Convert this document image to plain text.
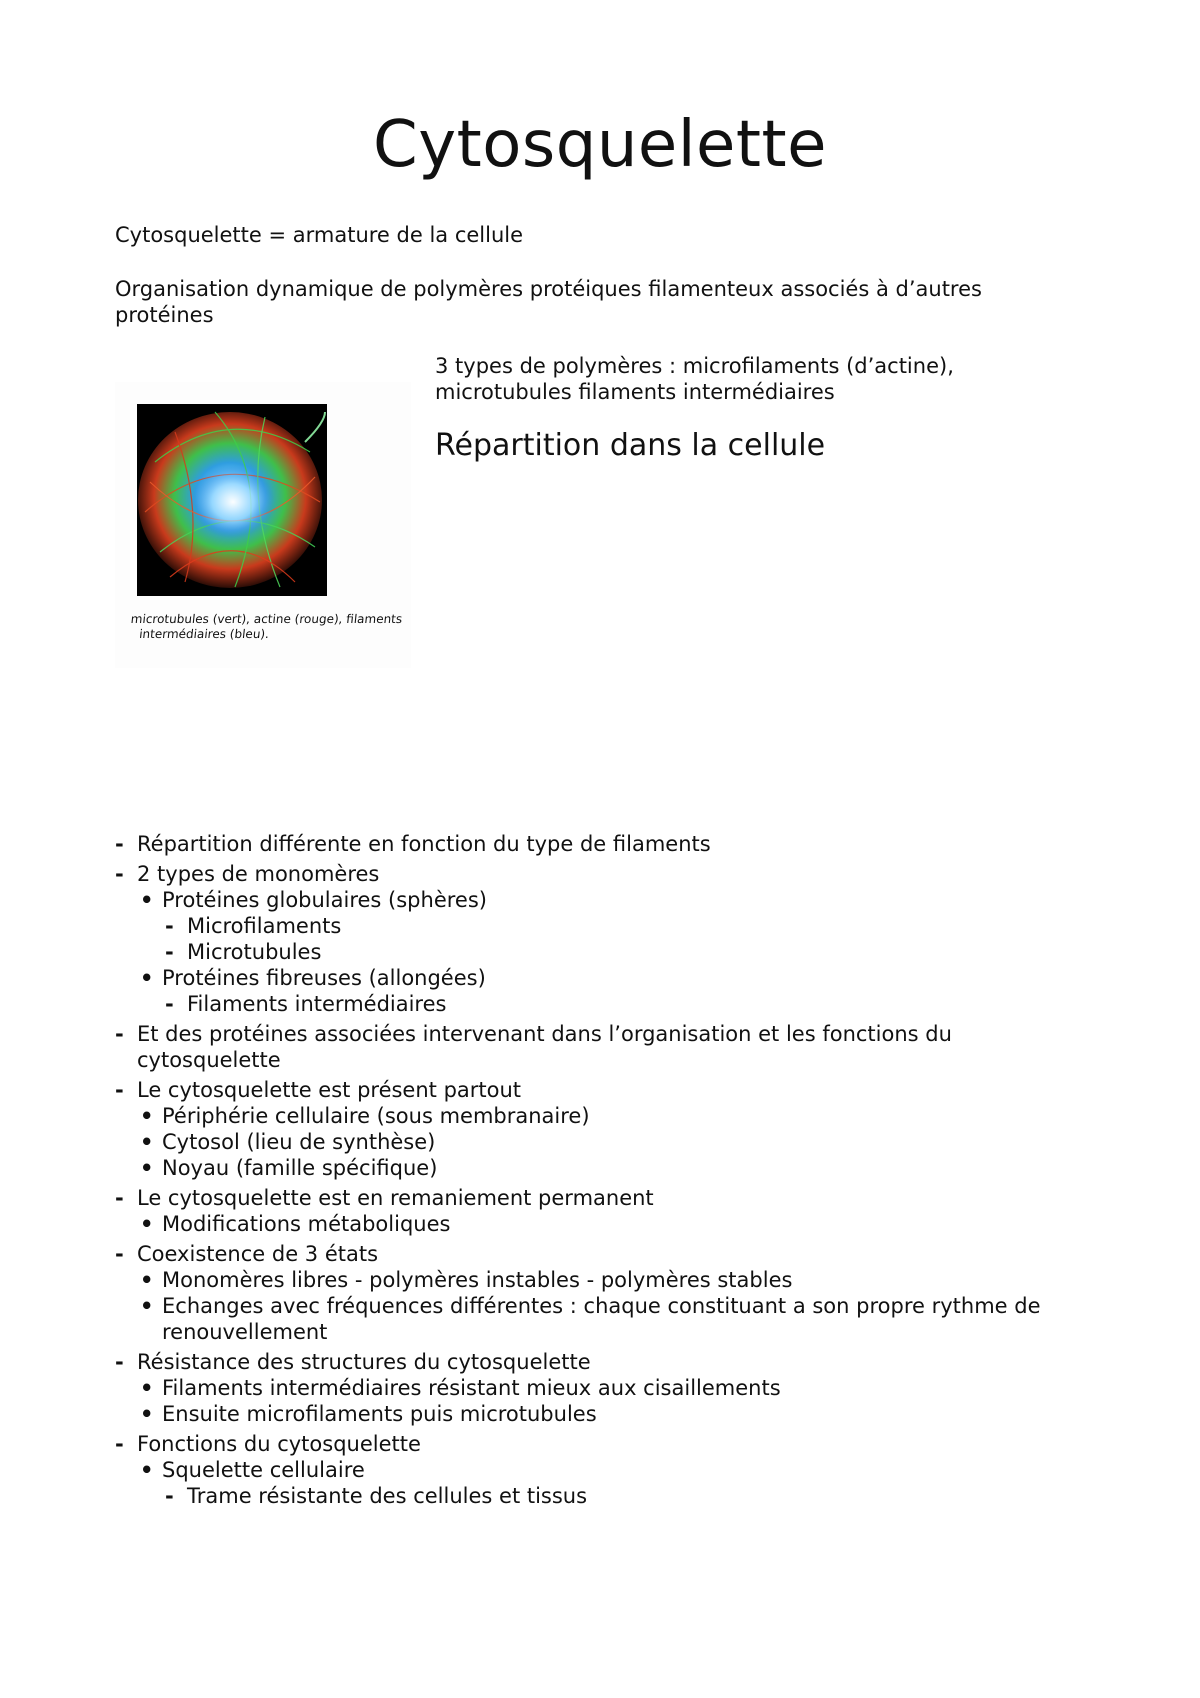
Cytosquelette

Cytosquelette = armature de la cellule

Organisation dynamique de polymères protéiques filamenteux associés à d’autres protéines

microtubules (vert), actine (rouge), filaments
intermédiaires (bleu).

3 types de polymères : microfilaments (d’actine), microtubules filaments intermédiaires

Répartition dans la cellule
- Répartition différente en fonction du type de filaments
- 2 types de monomères
• Protéines globulaires (sphères)
- Microfilaments
- Microtubules
• Protéines fibreuses (allongées)
- Filaments intermédiaires
- Et des protéines associées intervenant dans l’organisation et les fonctions du cytosquelette
- Le cytosquelette est présent partout
• Périphérie cellulaire (sous membranaire)
• Cytosol (lieu de synthèse)
• Noyau (famille spécifique)
- Le cytosquelette est en remaniement permanent
• Modifications métaboliques
- Coexistence de 3 états
• Monomères libres - polymères instables - polymères stables
• Echanges avec fréquences différentes : chaque constituant a son propre rythme de renouvellement
- Résistance des structures du cytosquelette
• Filaments intermédiaires résistant mieux aux cisaillements
• Ensuite microfilaments puis microtubules
- Fonctions du cytosquelette
• Squelette cellulaire
- Trame résistante des cellules et tissus
